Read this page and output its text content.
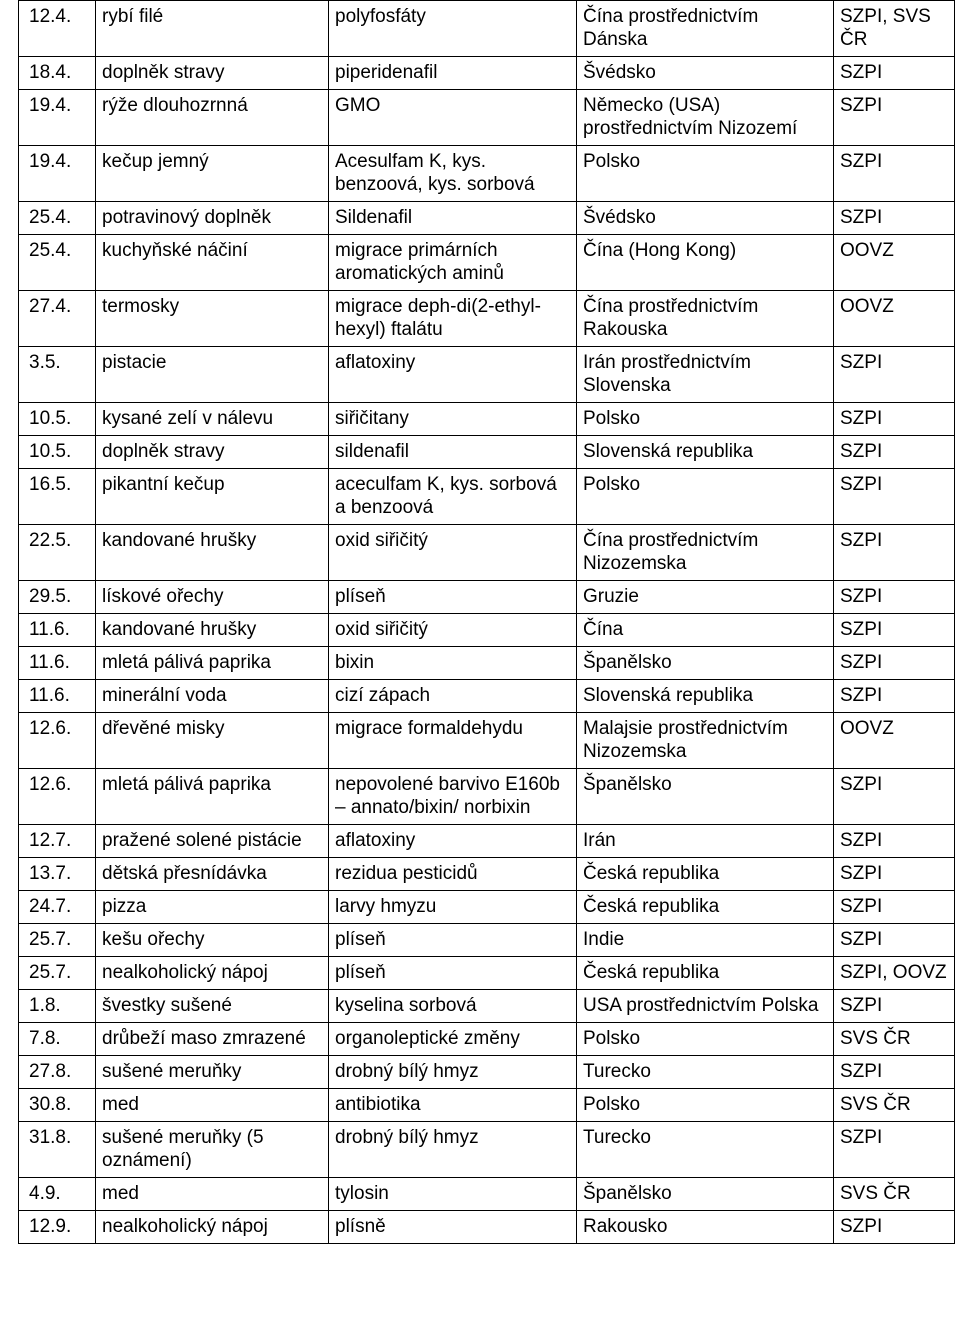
12.4.	rybí filé	polyfosfáty	Čína prostřednictvím Dánska	SZPI, SVS ČR
18.4.	doplněk stravy	piperidenafil	Švédsko	SZPI
19.4.	rýže dlouhozrnná	GMO	Německo (USA) prostřednictvím Nizozemí	SZPI
19.4.	kečup jemný	Acesulfam K, kys. benzoová, kys. sorbová	Polsko	SZPI
25.4.	potravinový doplněk	Sildenafil	Švédsko	SZPI
25.4.	kuchyňské náčiní	migrace primárních aromatických aminů	Čína (Hong Kong)	OOVZ
27.4.	termosky	migrace deph-di(2-ethyl-hexyl) ftalátu	Čína prostřednictvím Rakouska	OOVZ
3.5.	pistacie	aflatoxiny	Irán prostřednictvím Slovenska	SZPI
10.5.	kysané zelí v nálevu	siřičitany	Polsko	SZPI
10.5.	doplněk stravy	sildenafil	Slovenská republika	SZPI
16.5.	pikantní kečup	aceculfam K, kys. sorbová a benzoová	Polsko	SZPI
22.5.	kandované hrušky	oxid siřičitý	Čína prostřednictvím Nizozemska	SZPI
29.5.	lískové ořechy	plíseň	Gruzie	SZPI
11.6.	kandované hrušky	oxid siřičitý	Čína	SZPI
11.6.	mletá pálivá paprika	bixin	Španělsko	SZPI
11.6.	minerální voda	cizí zápach	Slovenská republika	SZPI
12.6.	dřevěné misky	migrace formaldehydu	Malajsie prostřednictvím Nizozemska	OOVZ
12.6.	mletá pálivá paprika	nepovolené barvivo E160b – annato/bixin/ norbixin	Španělsko	SZPI
12.7.	pražené solené pistácie	aflatoxiny	Irán	SZPI
13.7.	dětská přesnídávka	rezidua pesticidů	Česká republika	SZPI
24.7.	pizza	larvy hmyzu	Česká republika	SZPI
25.7.	kešu ořechy	plíseň	Indie	SZPI
25.7.	nealkoholický nápoj	plíseň	Česká republika	SZPI, OOVZ
1.8.	švestky sušené	kyselina sorbová	USA prostřednictvím Polska	SZPI
7.8.	drůbeží maso zmrazené	organoleptické změny	Polsko	SVS ČR
27.8.	sušené meruňky	drobný bílý hmyz	Turecko	SZPI
30.8.	med	antibiotika	Polsko	SVS ČR
31.8.	sušené meruňky (5 oznámení)	drobný bílý hmyz	Turecko	SZPI
4.9.	med	tylosin	Španělsko	SVS ČR
12.9.	nealkoholický nápoj	plísně	Rakousko	SZPI
